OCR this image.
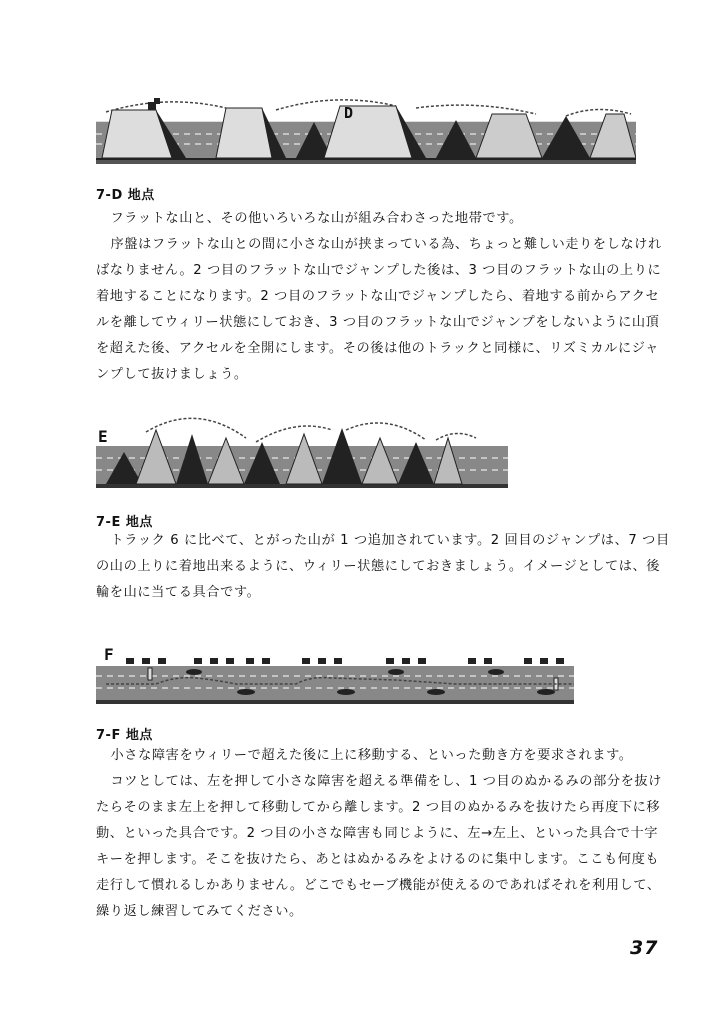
D
7-D 地点

フラットな山と、その他いろいろな山が組み合わさった地帯です。

序盤はフラットな山との間に小さな山が挟まっている為、ちょっと難しい走りをしなければなりません。2 つ目のフラットな山でジャンプした後は、3 つ目のフラットな山の上りに着地することになります。2 つ目のフラットな山でジャンプしたら、着地する前からアクセルを離してウィリー状態にしておき、3 つ目のフラットな山でジャンプをしないように山頂を超えた後、アクセルを全開にします。その後は他のトラックと同様に、リズミカルにジャンプして抜けましょう。

E
7-E 地点

トラック 6 に比べて、とがった山が 1 つ追加されています。2 回目のジャンプは、7 つ目の山の上りに着地出来るように、ウィリー状態にしておきましょう。イメージとしては、後輪を山に当てる具合です。

F
7-F 地点

小さな障害をウィリーで超えた後に上に移動する、といった動き方を要求されます。

コツとしては、左を押して小さな障害を超える準備をし、1 つ目のぬかるみの部分を抜けたらそのまま左上を押して移動してから離します。2 つ目のぬかるみを抜けたら再度下に移動、といった具合です。2 つ目の小さな障害も同じように、左→左上、といった具合で十字キーを押します。そこを抜けたら、あとはぬかるみをよけるのに集中します。ここも何度も走行して慣れるしかありません。どこでもセーブ機能が使えるのであればそれを利用して、繰り返し練習してみてください。

37
